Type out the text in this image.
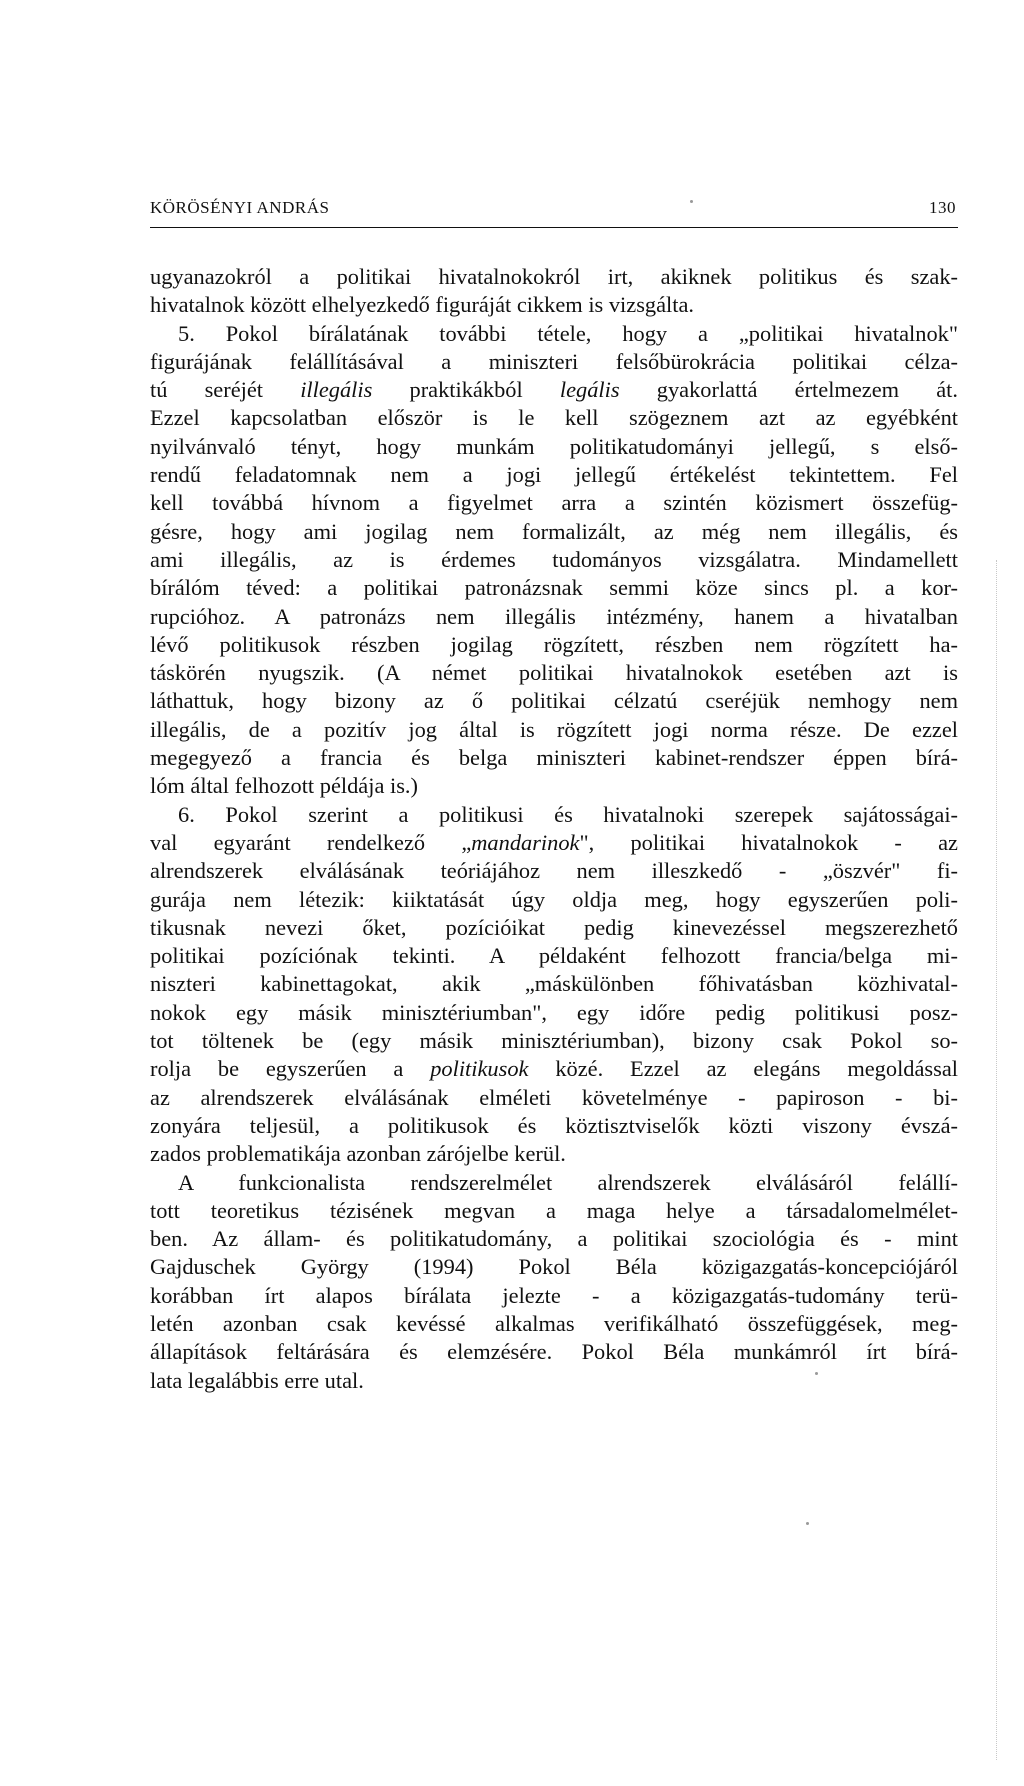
KÖRÖSÉNYI ANDRÁS	130
ugyanazokról a politikai hivatalnokokról irt, akiknek politikus és szak-
hivatalnok között elhelyezkedő figuráját cikkem is vizsgálta.
5. Pokol bírálatának további tétele, hogy a „politikai hivatalnok"
figurájának felállításával a miniszteri felsőbürokrácia politikai célza-
tú seréjét illegális praktikákból legális gyakorlattá értelmezem át.
Ezzel kapcsolatban először is le kell szögeznem azt az egyébként
nyilvánvaló tényt, hogy munkám politikatudományi jellegű, s első-
rendű feladatomnak nem a jogi jellegű értékelést tekintettem. Fel
kell továbbá hívnom a figyelmet arra a szintén közismert összefüg-
gésre, hogy ami jogilag nem formalizált, az még nem illegális, és
ami illegális, az is érdemes tudományos vizsgálatra. Mindamellett
bírálóm téved: a politikai patronázsnak semmi köze sincs pl. a kor-
rupcióhoz. A patronázs nem illegális intézmény, hanem a hivatalban
lévő politikusok részben jogilag rögzített, részben nem rögzített ha-
táskörén nyugszik. (A német politikai hivatalnokok esetében azt is
láthattuk, hogy bizony az ő politikai célzatú cseréjük nemhogy nem
illegális, de a pozitív jog által is rögzített jogi norma része. De ezzel
megegyező a francia és belga miniszteri kabinet-rendszer éppen bírá-
lóm által felhozott példája is.)
6. Pokol szerint a politikusi és hivatalnoki szerepek sajátosságai-
val egyaránt rendelkező „mandarinok", politikai hivatalnokok - az
alrendszerek elválásának teóriájához nem illeszkedő - „öszvér" fi-
gurája nem létezik: kiiktatását úgy oldja meg, hogy egyszerűen poli-
tikusnak nevezi őket, pozícióikat pedig kinevezéssel megszerezhető
politikai pozíciónak tekinti. A példaként felhozott francia/belga mi-
niszteri kabinettagokat, akik „máskülönben főhivatásban közhivatal-
nokok egy másik minisztériumban", egy időre pedig politikusi posz-
tot töltenek be (egy másik minisztériumban), bizony csak Pokol so-
rolja be egyszerűen a politikusok közé. Ezzel az elegáns megoldással
az alrendszerek elválásának elméleti követelménye - papiroson - bi-
zonyára teljesül, a politikusok és köztisztviselők közti viszony évszá-
zados problematikája azonban zárójelbe kerül.
A funkcionalista rendszerelmélet alrendszerek elválásáról felállí-
tott teoretikus tézisének megvan a maga helye a társadalomelmélet-
ben. Az állam- és politikatudomány, a politikai szociológia és - mint
Gajduschek György (1994) Pokol Béla közigazgatás-koncepciójáról
korábban írt alapos bírálata jelezte - a közigazgatás-tudomány terü-
letén azonban csak kevéssé alkalmas verifikálható összefüggések, meg-
állapítások feltárására és elemzésére. Pokol Béla munkámról írt bírá-
lata legalábbis erre utal.
